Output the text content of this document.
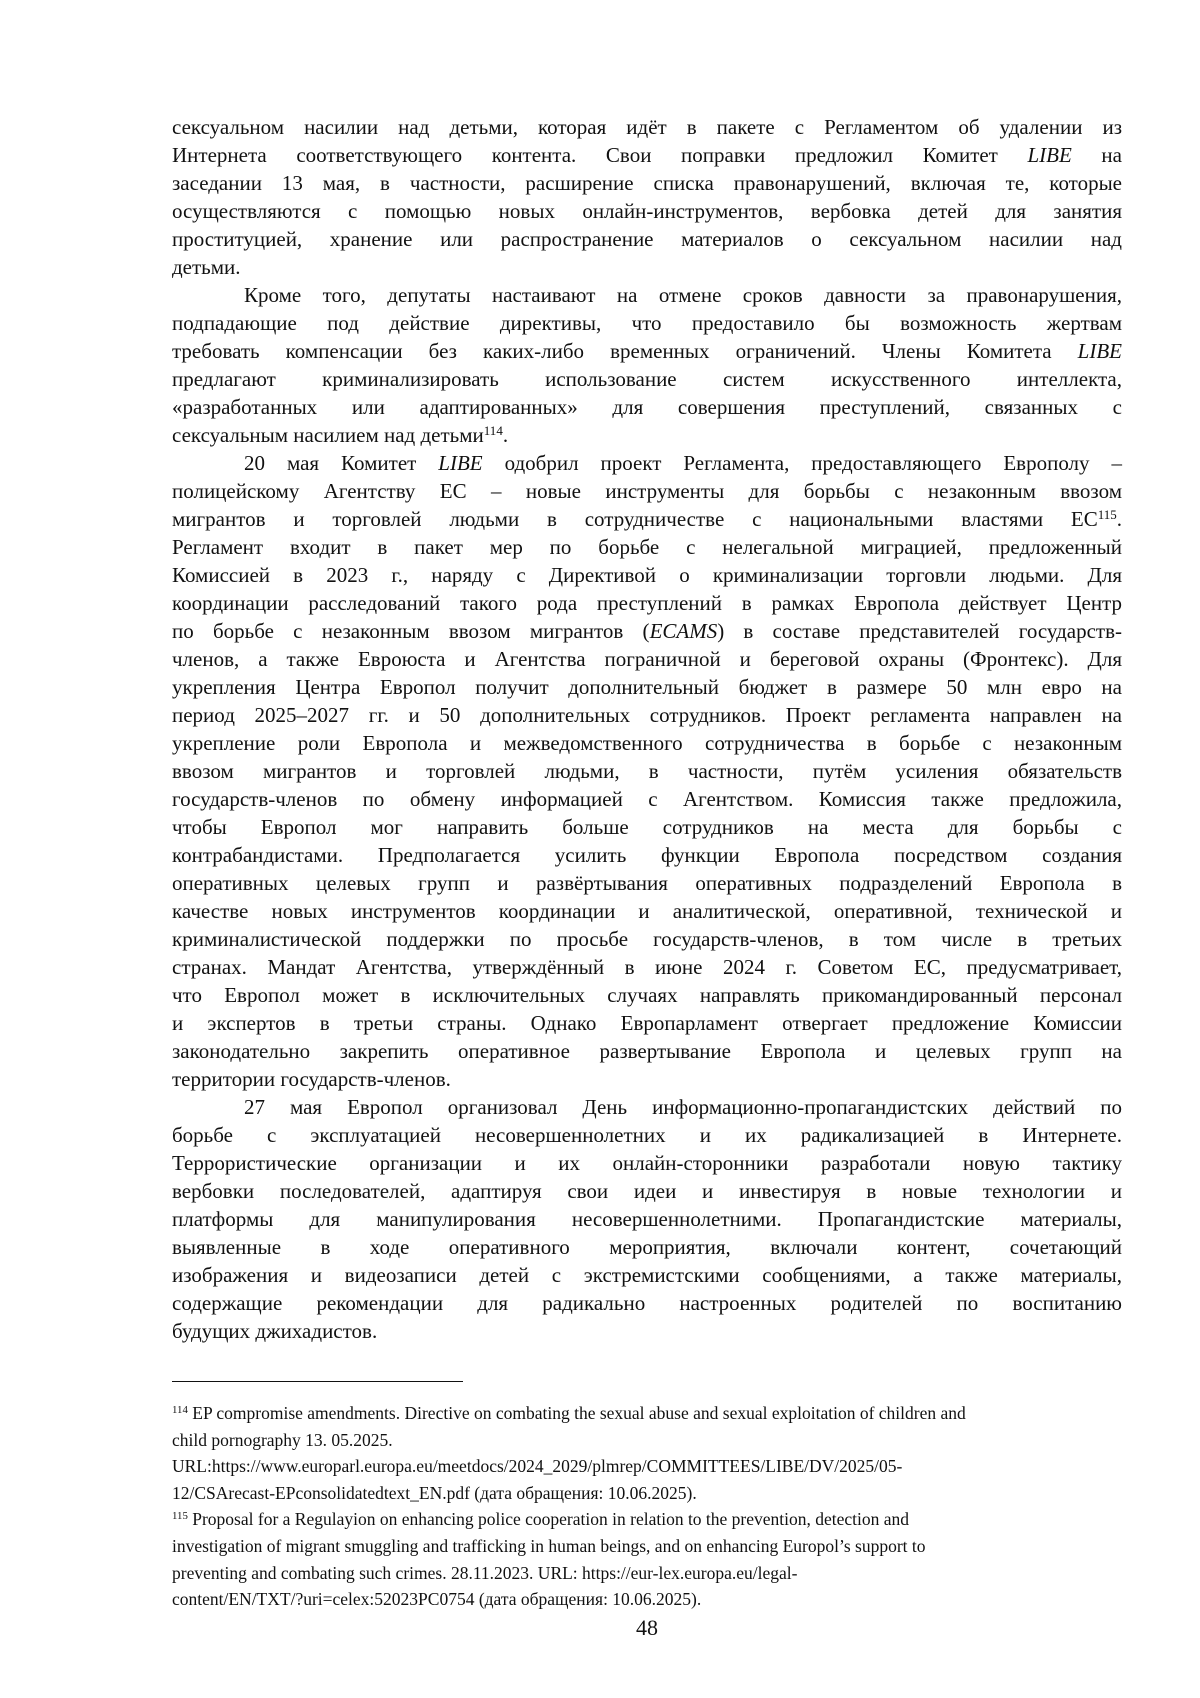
сексуальном насилии над детьми, которая идёт в пакете с Регламентом об удалении из
Интернета соответствующего контента. Свои поправки предложил Комитет LIBE на
заседании 13 мая, в частности, расширение списка правонарушений, включая те, которые
осуществляются с помощью новых онлайн-инструментов, вербовка детей для занятия
проституцией, хранение или распространение материалов о сексуальном насилии над
детьми.
Кроме того, депутаты настаивают на отмене сроков давности за правонарушения,
подпадающие под действие директивы, что предоставило бы возможность жертвам
требовать компенсации без каких-либо временных ограничений. Члены Комитета LIBE
предлагают криминализировать использование систем искусственного интеллекта,
«разработанных или адаптированных» для совершения преступлений, связанных с
сексуальным насилием над детьми$^{114}$.
20 мая Комитет LIBE одобрил проект Регламента, предоставляющего Европолу –
полицейскому Агентству ЕС – новые инструменты для борьбы с незаконным ввозом
мигрантов и торговлей людьми в сотрудничестве с национальными властями ЕС$^{115}$.
Регламент входит в пакет мер по борьбе с нелегальной миграцией, предложенный
Комиссией в 2023 г., наряду с Директивой о криминализации торговли людьми. Для
координации расследований такого рода преступлений в рамках Европола действует Центр
по борьбе с незаконным ввозом мигрантов (ECAMS) в составе представителей государств-
членов, а также Евроюста и Агентства пограничной и береговой охраны (Фронтекс). Для
укрепления Центра Европол получит дополнительный бюджет в размере 50 млн евро на
период 2025–2027 гг. и 50 дополнительных сотрудников. Проект регламента направлен на
укрепление роли Европола и межведомственного сотрудничества в борьбе с незаконным
ввозом мигрантов и торговлей людьми, в частности, путём усиления обязательств
государств-членов по обмену информацией с Агентством. Комиссия также предложила,
чтобы Европол мог направить больше сотрудников на места для борьбы с
контрабандистами. Предполагается усилить функции Европола посредством создания
оперативных целевых групп и развёртывания оперативных подразделений Европола в
качестве новых инструментов координации и аналитической, оперативной, технической и
криминалистической поддержки по просьбе государств-членов, в том числе в третьих
странах. Мандат Агентства, утверждённый в июне 2024 г. Советом ЕС, предусматривает,
что Европол может в исключительных случаях направлять прикомандированный персонал
и экспертов в третьи страны. Однако Европарламент отвергает предложение Комиссии
законодательно закрепить оперативное развертывание Европола и целевых групп на
территории государств-членов.
27 мая Европол организовал День информационно-пропагандистских действий по
борьбе с эксплуатацией несовершеннолетних и их радикализацией в Интернете.
Террористические организации и их онлайн-сторонники разработали новую тактику
вербовки последователей, адаптируя свои идеи и инвестируя в новые технологии и
платформы для манипулирования несовершеннолетними. Пропагандистские материалы,
выявленные в ходе оперативного мероприятия, включали контент, сочетающий
изображения и видеозаписи детей с экстремистскими сообщениями, а также материалы,
содержащие рекомендации для радикально настроенных родителей по воспитанию
будущих джихадистов.
$^{114}$ EP compromise amendments. Directive on combating the sexual abuse and sexual exploitation of children and
child pornography 13. 05.2025.
URL:https://www.europarl.europa.eu/meetdocs/2024_2029/plmrep/COMMITTEES/LIBE/DV/2025/05-
12/CSArecast-EPconsolidatedtext_EN.pdf (дата обращения: 10.06.2025).
$^{115}$ Proposal for a Regulayion on enhancing police cooperation in relation to the prevention, detection and
investigation of migrant smuggling and trafficking in human beings, and on enhancing Europol’s support to
preventing and combating such crimes. 28.11.2023. URL: https://eur-lex.europa.eu/legal-
content/EN/TXT/?uri=celex:52023PC0754 (дата обращения: 10.06.2025).
48
